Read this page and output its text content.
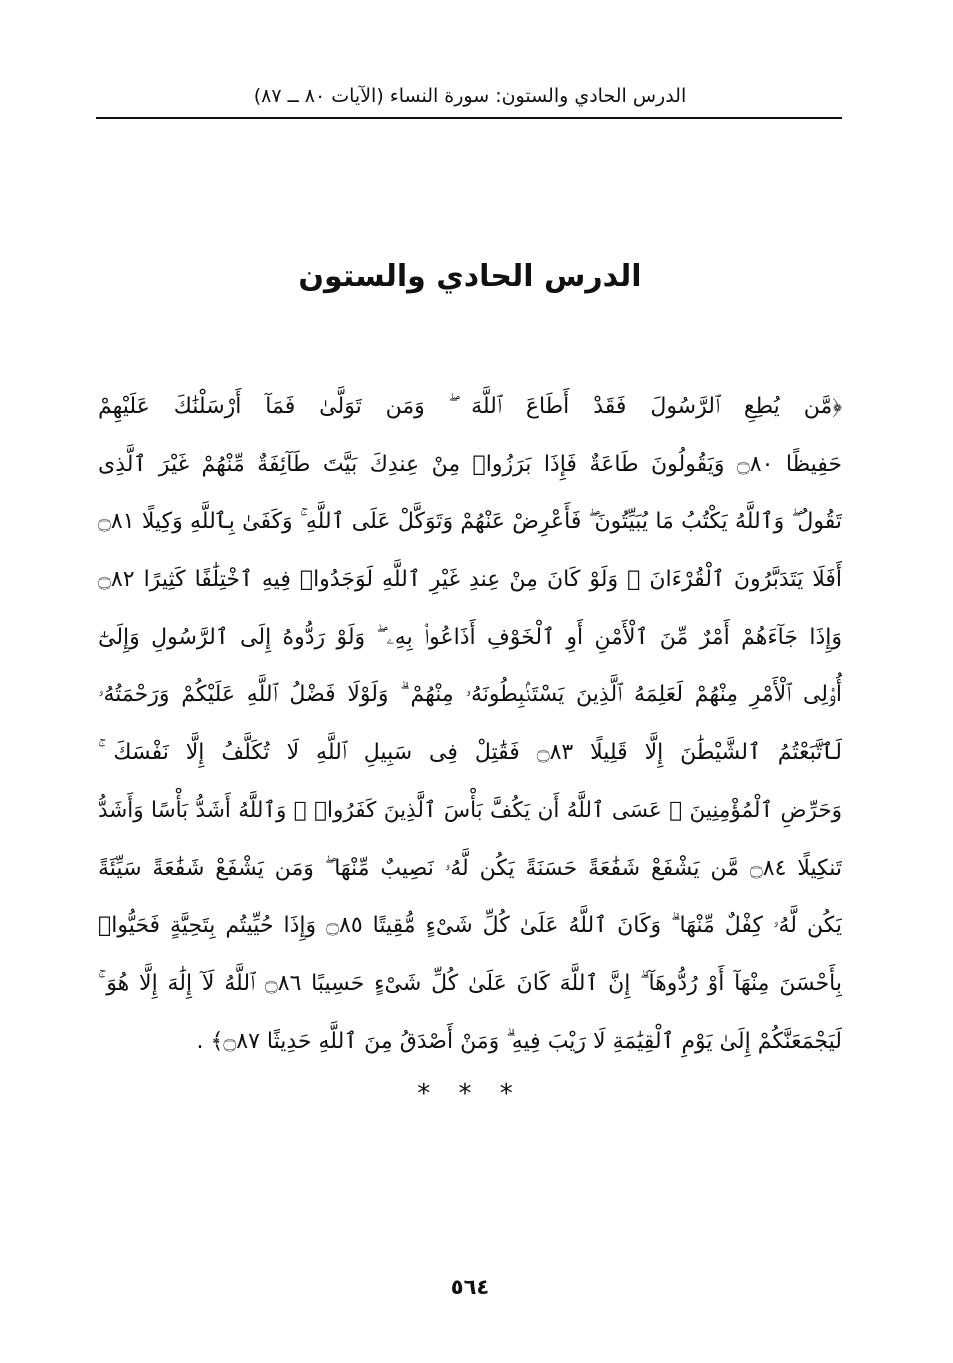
الدرس الحادي والستون: سورة النساء (الآيات ٨٠ ــ ٨٧)
الدرس الحادي والستون
﴿مَّن يُطِعِ ٱلرَّسُولَ فَقَدْ أَطَاعَ ٱللَّهَ ۖ وَمَن تَوَلَّىٰ فَمَآ أَرْسَلْنَٰكَ عَلَيْهِمْ
حَفِيظًا ۝٨٠ وَيَقُولُونَ طَاعَةٌ فَإِذَا بَرَزُوا۟ مِنْ عِندِكَ بَيَّتَ طَآئِفَةٌ مِّنْهُمْ غَيْرَ ٱلَّذِى
تَقُولُ ۖ وَٱللَّهُ يَكْتُبُ مَا يُبَيِّتُونَ ۖ فَأَعْرِضْ عَنْهُمْ وَتَوَكَّلْ عَلَى ٱللَّهِ ۚ وَكَفَىٰ بِٱللَّهِ وَكِيلًا ۝٨١
أَفَلَا يَتَدَبَّرُونَ ٱلْقُرْءَانَ ۚ وَلَوْ كَانَ مِنْ عِندِ غَيْرِ ٱللَّهِ لَوَجَدُوا۟ فِيهِ ٱخْتِلَٰفًا كَثِيرًا ۝٨٢
وَإِذَا جَآءَهُمْ أَمْرٌ مِّنَ ٱلْأَمْنِ أَوِ ٱلْخَوْفِ أَذَاعُوا۟ بِهِۦ ۖ وَلَوْ رَدُّوهُ إِلَى ٱلرَّسُولِ وَإِلَىٰٓ
أُو۟لِى ٱلْأَمْرِ مِنْهُمْ لَعَلِمَهُ ٱلَّذِينَ يَسْتَنۢبِطُونَهُۥ مِنْهُمْ ۗ وَلَوْلَا فَضْلُ ٱللَّهِ عَلَيْكُمْ وَرَحْمَتُهُۥ
لَٱتَّبَعْتُمُ ٱلشَّيْطَٰنَ إِلَّا قَلِيلًا ۝٨٣ فَقَٰتِلْ فِى سَبِيلِ ٱللَّهِ لَا تُكَلَّفُ إِلَّا نَفْسَكَ ۚ
وَحَرِّضِ ٱلْمُؤْمِنِينَ ۖ عَسَى ٱللَّهُ أَن يَكُفَّ بَأْسَ ٱلَّذِينَ كَفَرُوا۟ ۚ وَٱللَّهُ أَشَدُّ بَأْسًا وَأَشَدُّ
تَنكِيلًا ۝٨٤ مَّن يَشْفَعْ شَفَٰعَةً حَسَنَةً يَكُن لَّهُۥ نَصِيبٌ مِّنْهَا ۖ وَمَن يَشْفَعْ شَفَٰعَةً سَيِّئَةً
يَكُن لَّهُۥ كِفْلٌ مِّنْهَا ۗ وَكَانَ ٱللَّهُ عَلَىٰ كُلِّ شَىْءٍ مُّقِيتًا ۝٨٥ وَإِذَا حُيِّيتُم بِتَحِيَّةٍ فَحَيُّوا۟
بِأَحْسَنَ مِنْهَآ أَوْ رُدُّوهَآ ۗ إِنَّ ٱللَّهَ كَانَ عَلَىٰ كُلِّ شَىْءٍ حَسِيبًا ۝٨٦ ٱللَّهُ لَآ إِلَٰهَ إِلَّا هُوَ ۚ
لَيَجْمَعَنَّكُمْ إِلَىٰ يَوْمِ ٱلْقِيَٰمَةِ لَا رَيْبَ فِيهِ ۗ وَمَنْ أَصْدَقُ مِنَ ٱللَّهِ حَدِيثًا ۝٨٧﴾ .
* * *
٥٦٤
